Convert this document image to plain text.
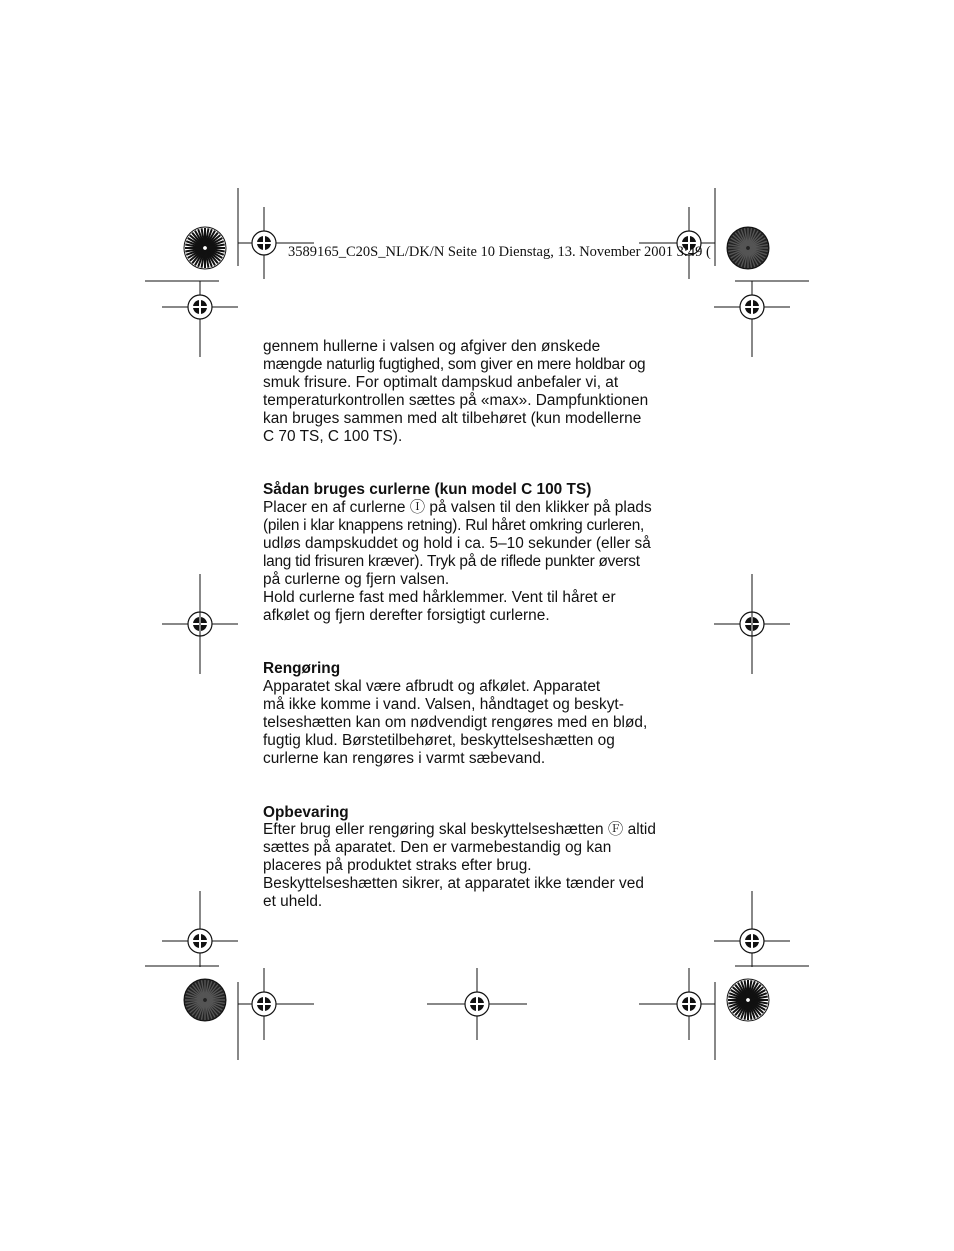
3589165_C20S_NL/DK/N Seite 10 Dienstag, 13. November 2001 3:49 (
gennem hullerne i valsen og afgiver den ønskede
mængde naturlig fugtighed, som giver en mere holdbar og
smuk frisure. For optimalt dampskud anbefaler vi, at
temperaturkontrollen sættes på «max». Dampfunktionen
kan bruges sammen med alt tilbehøret (kun modellerne
C 70 TS, C 100 TS).
Sådan bruges curlerne (kun model C 100 TS)
Placer en af curlerne Ⓘ på valsen til den klikker på plads
(pilen i klar knappens retning). Rul håret omkring curleren,
udløs dampskuddet og hold i ca. 5–10 sekunder (eller så
lang tid frisuren kræver). Tryk på de riflede punkter øverst
på curlerne og fjern valsen.
Hold curlerne fast med hårklemmer. Vent til håret er
afkølet og fjern derefter forsigtigt curlerne.
Rengøring
Apparatet skal være afbrudt og afkølet. Apparatet
må ikke komme i vand. Valsen, håndtaget og beskyt-
telseshætten kan om nødvendigt rengøres med en blød,
fugtig klud. Børstetilbehøret, beskyttelseshætten og
curlerne kan rengøres i varmt sæbevand.
Opbevaring
Efter brug eller rengøring skal beskyttelseshætten Ⓕ altid
sættes på aparatet. Den er varmebestandig og kan
placeres på produktet straks efter brug.
Beskyttelseshætten sikrer, at apparatet ikke tænder ved
et uheld.
